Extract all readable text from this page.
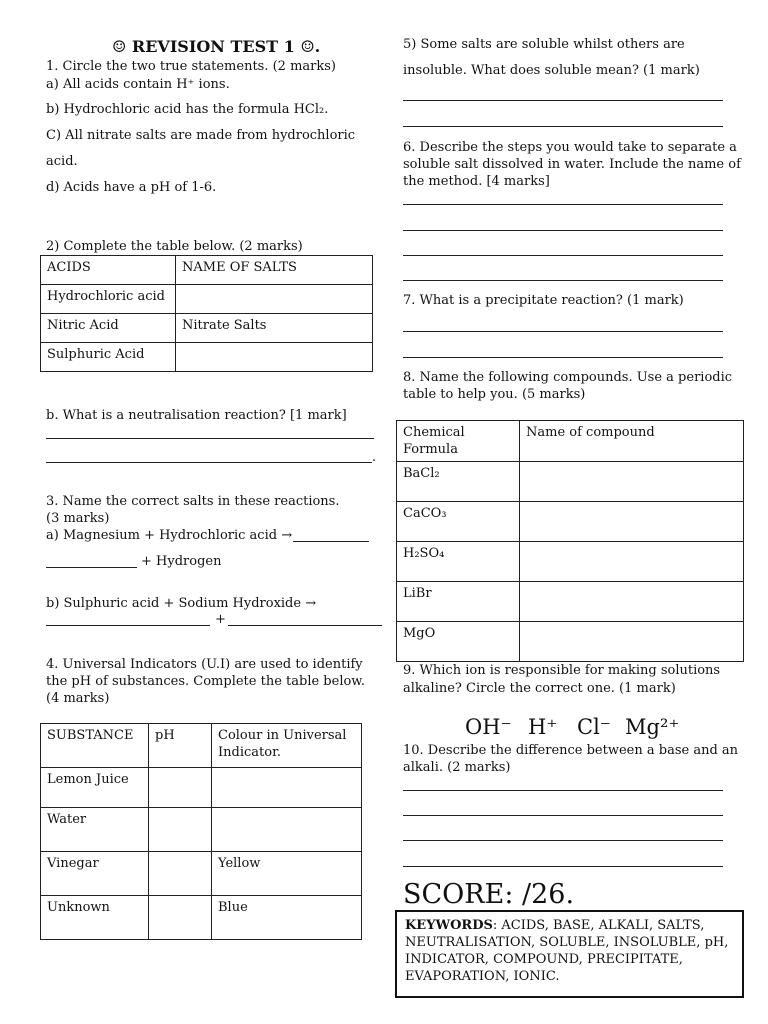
☺ REVISION TEST 1 ☺.
1. Circle the two true statements. (2 marks)
a) All acids contain H⁺ ions.
b) Hydrochloric acid has the formula HCl₂.
C) All nitrate salts are made from hydrochloric
acid.
d) Acids have a pH of 1-6.
2) Complete the table below. (2 marks)
ACIDS	NAME OF SALTS
Hydrochloric acid	
Nitric Acid	Nitrate Salts
Sulphuric Acid	
b. What is a neutralisation reaction? [1 mark]
.
3. Name the correct salts in these reactions.
(3 marks)
a) Magnesium + Hydrochloric acid →
+ Hydrogen
b) Sulphuric acid + Sodium Hydroxide →
+
4. Universal Indicators (U.I) are used to identify
the pH of substances. Complete the table below.
(4 marks)
SUBSTANCE	pH	Colour in Universal
Indicator.
Lemon Juice		
Water		
Vinegar		Yellow
Unknown		Blue
5) Some salts are soluble whilst others are
insoluble. What does soluble mean? (1 mark)
6. Describe the steps you would take to separate a
soluble salt dissolved in water. Include the name of
the method. [4 marks]
7. What is a precipitate reaction? (1 mark)
8. Name the following compounds. Use a periodic
table to help you. (5 marks)
Chemical
Formula	Name of compound
BaCl₂	
CaCO₃	
H₂SO₄	
LiBr	
MgO	
9. Which ion is responsible for making solutions
alkaline? Circle the correct one. (1 mark)
OH⁻ H⁺ Cl⁻ Mg²⁺
10. Describe the difference between a base and an
alkali. (2 marks)
SCORE: /26.
KEYWORDS: ACIDS, BASE, ALKALI, SALTS, NEUTRALISATION, SOLUBLE, INSOLUBLE, pH, INDICATOR, COMPOUND, PRECIPITATE, EVAPORATION, IONIC.
